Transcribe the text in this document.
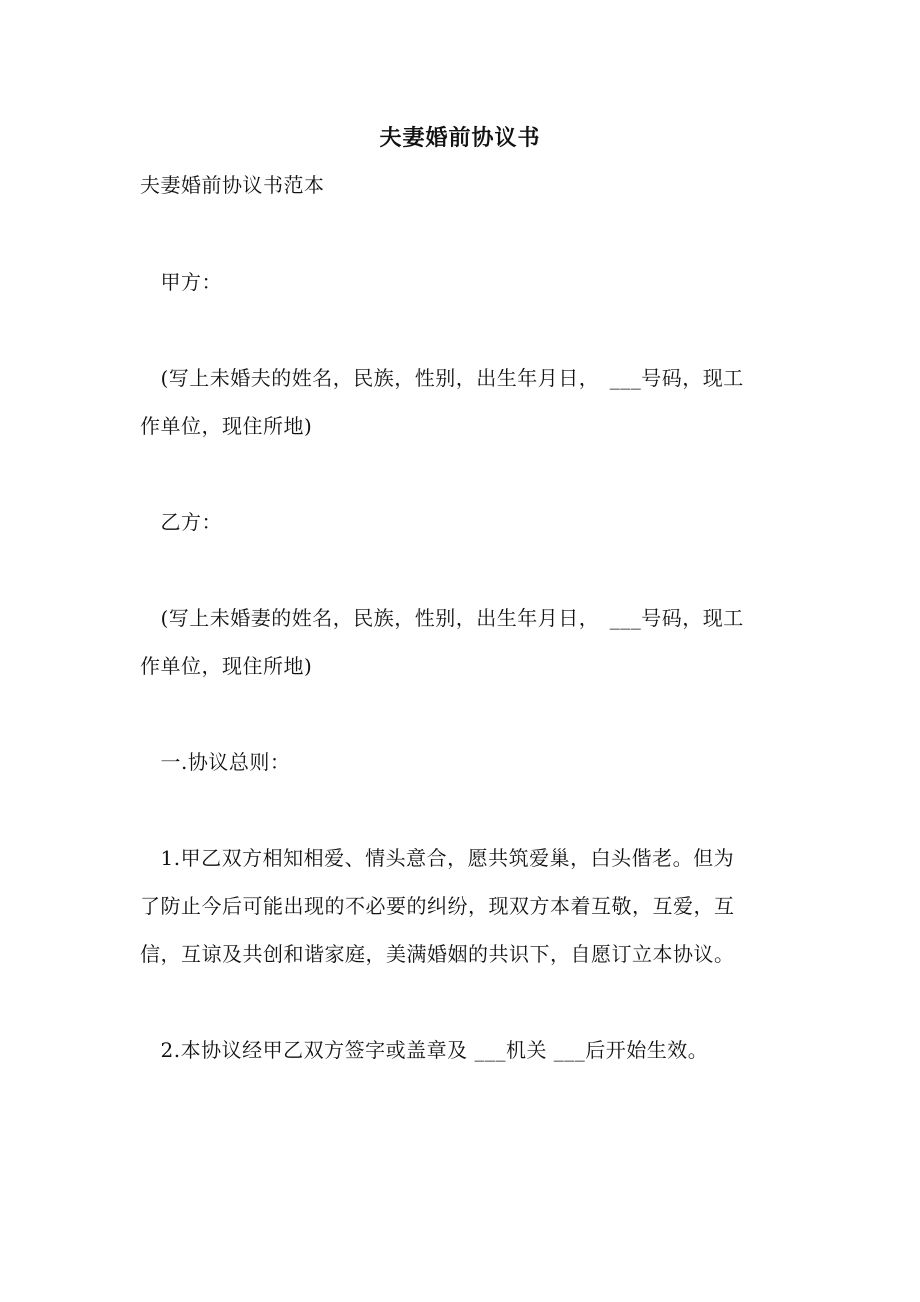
夫妻婚前协议书
夫妻婚前协议书范本
　甲方：
　(写上未婚夫的姓名，民族，性别，出生年月日，　___号码，现工
作单位，现住所地)
　乙方：
　(写上未婚妻的姓名，民族，性别，出生年月日，　___号码，现工
作单位，现住所地)
　一.协议总则：
　1.甲乙双方相知相爱、情头意合，愿共筑爱巢，白头偕老。但为
了防止今后可能出现的不必要的纠纷，现双方本着互敬，互爱，互
信，互谅及共创和谐家庭，美满婚姻的共识下，自愿订立本协议。
　2.本协议经甲乙双方签字或盖章及 ___机关 ___后开始生效。
